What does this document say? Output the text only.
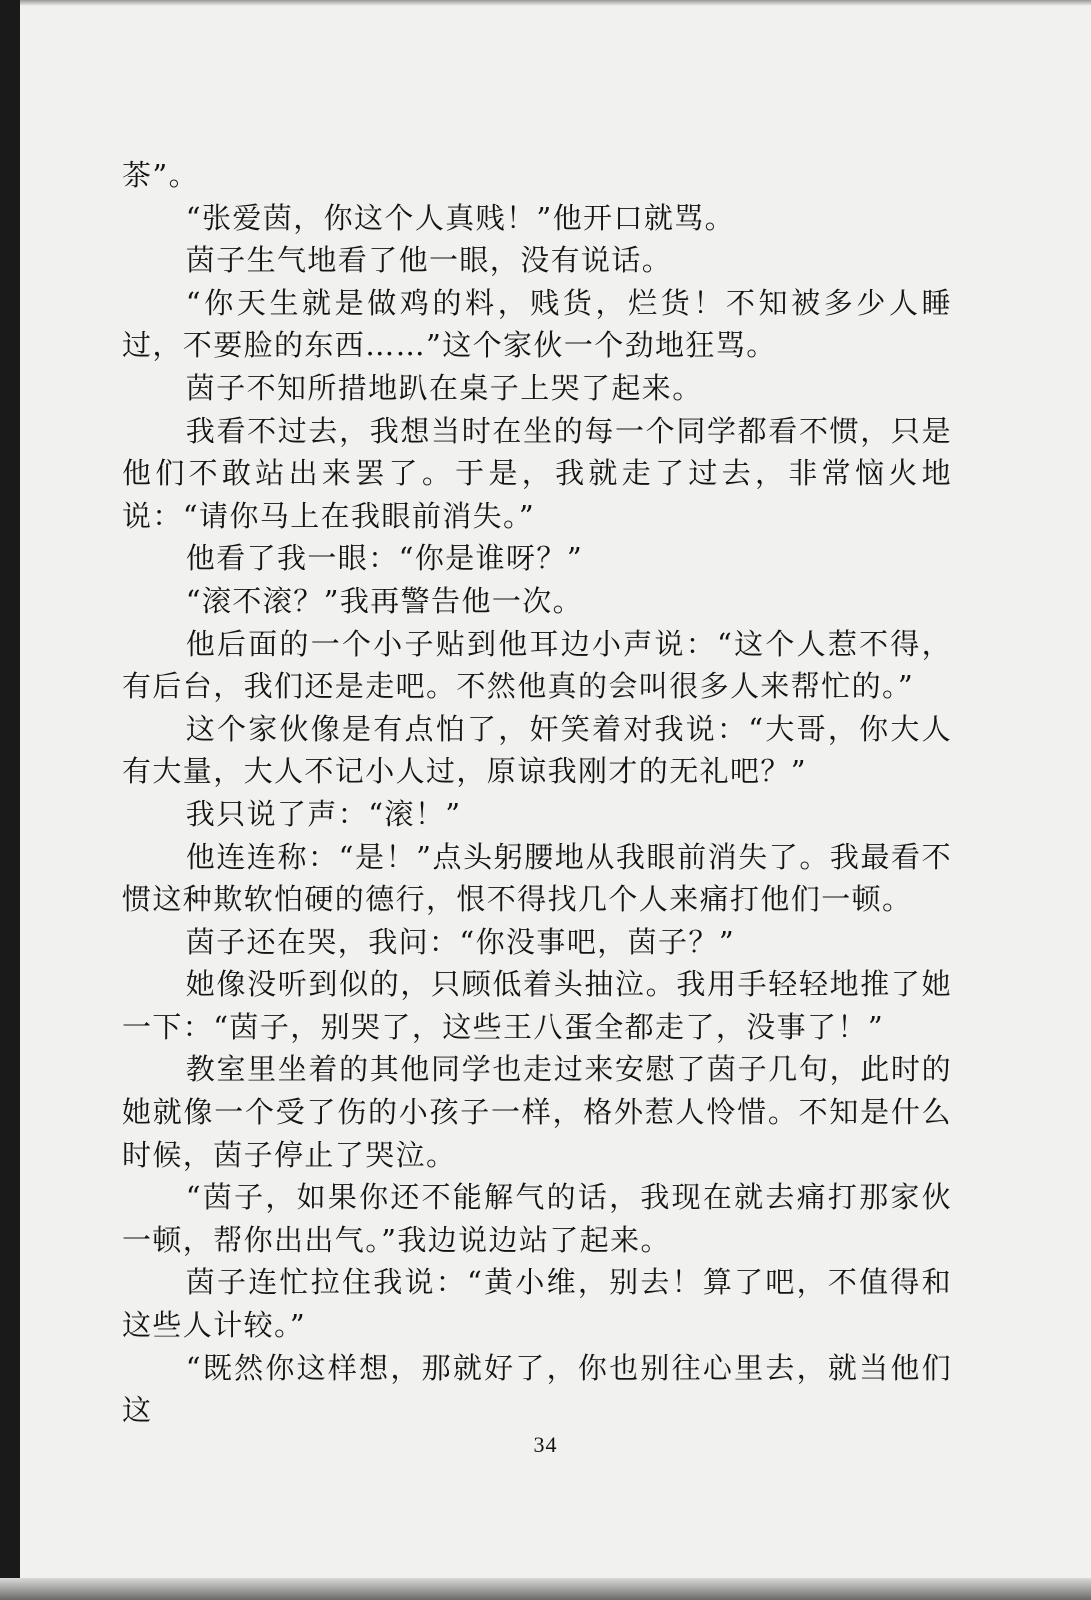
茶”。

“张爱茵，你这个人真贱！”他开口就骂。

茵子生气地看了他一眼，没有说话。

“你天生就是做鸡的料，贱货，烂货！不知被多少人睡过，不要脸的东西……”这个家伙一个劲地狂骂。

茵子不知所措地趴在桌子上哭了起来。

我看不过去，我想当时在坐的每一个同学都看不惯，只是他们不敢站出来罢了。于是，我就走了过去，非常恼火地说：“请你马上在我眼前消失。”

他看了我一眼：“你是谁呀？”

“滚不滚？”我再警告他一次。

他后面的一个小子贴到他耳边小声说：“这个人惹不得，有后台，我们还是走吧。不然他真的会叫很多人来帮忙的。”

这个家伙像是有点怕了，奸笑着对我说：“大哥，你大人有大量，大人不记小人过，原谅我刚才的无礼吧？”

我只说了声：“滚！”

他连连称：“是！”点头躬腰地从我眼前消失了。我最看不惯这种欺软怕硬的德行，恨不得找几个人来痛打他们一顿。

茵子还在哭，我问：“你没事吧，茵子？”

她像没听到似的，只顾低着头抽泣。我用手轻轻地推了她一下：“茵子，别哭了，这些王八蛋全都走了，没事了！”

教室里坐着的其他同学也走过来安慰了茵子几句，此时的她就像一个受了伤的小孩子一样，格外惹人怜惜。不知是什么时候，茵子停止了哭泣。

“茵子，如果你还不能解气的话，我现在就去痛打那家伙一顿，帮你出出气。”我边说边站了起来。

茵子连忙拉住我说：“黄小维，别去！算了吧，不值得和这些人计较。”

“既然你这样想，那就好了，你也别往心里去，就当他们这

34
